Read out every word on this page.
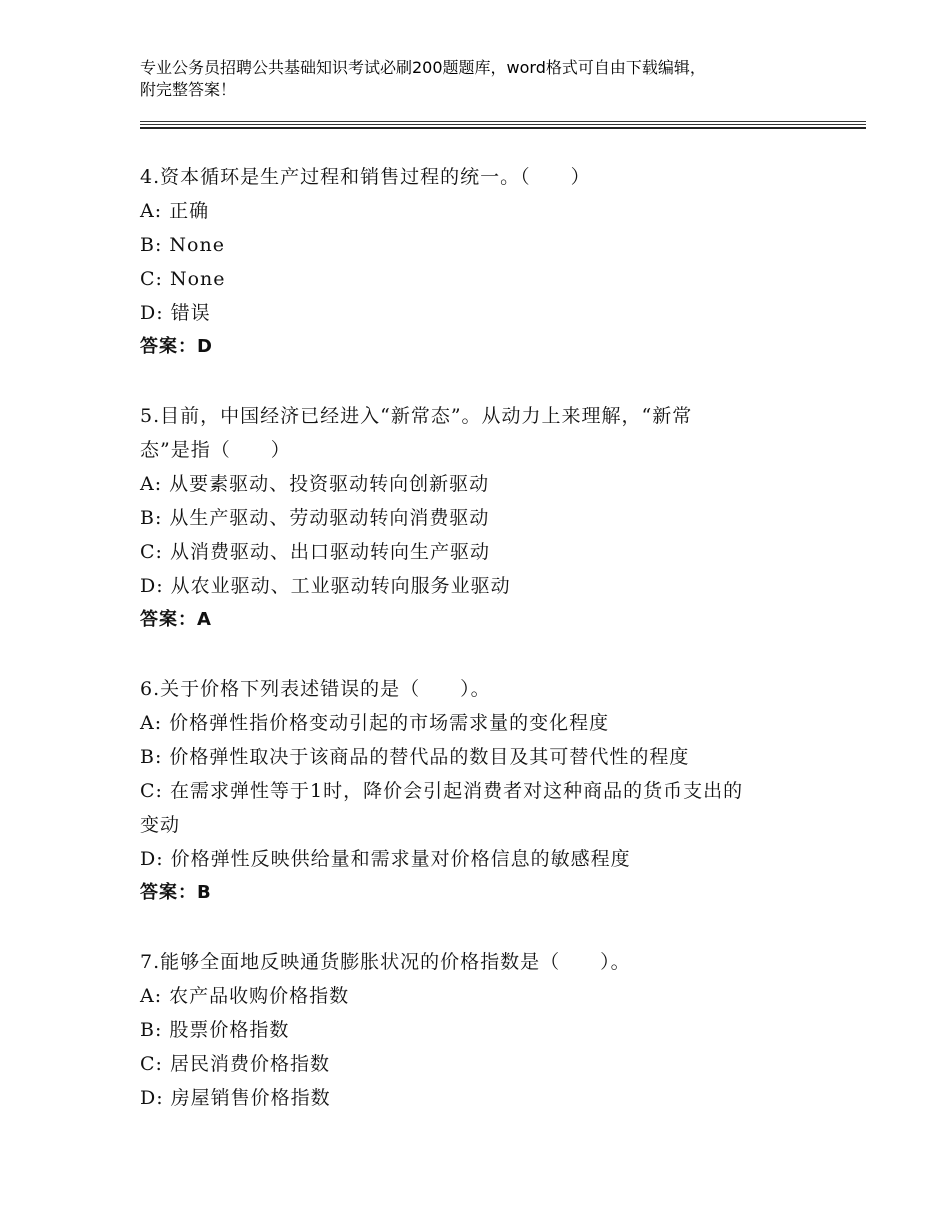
专业公务员招聘公共基础知识考试必刷200题题库，word格式可自由下载编辑，
附完整答案！
4.资本循环是生产过程和销售过程的统一。（　　）
A: 正确
B: None
C: None
D: 错误
答案：D
5.目前，中国经济已经进入“新常态”。从动力上来理解，“新常
态”是指（　　）
A: 从要素驱动、投资驱动转向创新驱动
B: 从生产驱动、劳动驱动转向消费驱动
C: 从消费驱动、出口驱动转向生产驱动
D: 从农业驱动、工业驱动转向服务业驱动
答案：A
6.关于价格下列表述错误的是（　　）。
A: 价格弹性指价格变动引起的市场需求量的变化程度
B: 价格弹性取决于该商品的替代品的数目及其可替代性的程度
C: 在需求弹性等于1时，降价会引起消费者对这种商品的货币支出的
变动
D: 价格弹性反映供给量和需求量对价格信息的敏感程度
答案：B
7.能够全面地反映通货膨胀状况的价格指数是（　　）。
A: 农产品收购价格指数
B: 股票价格指数
C: 居民消费价格指数
D: 房屋销售价格指数
